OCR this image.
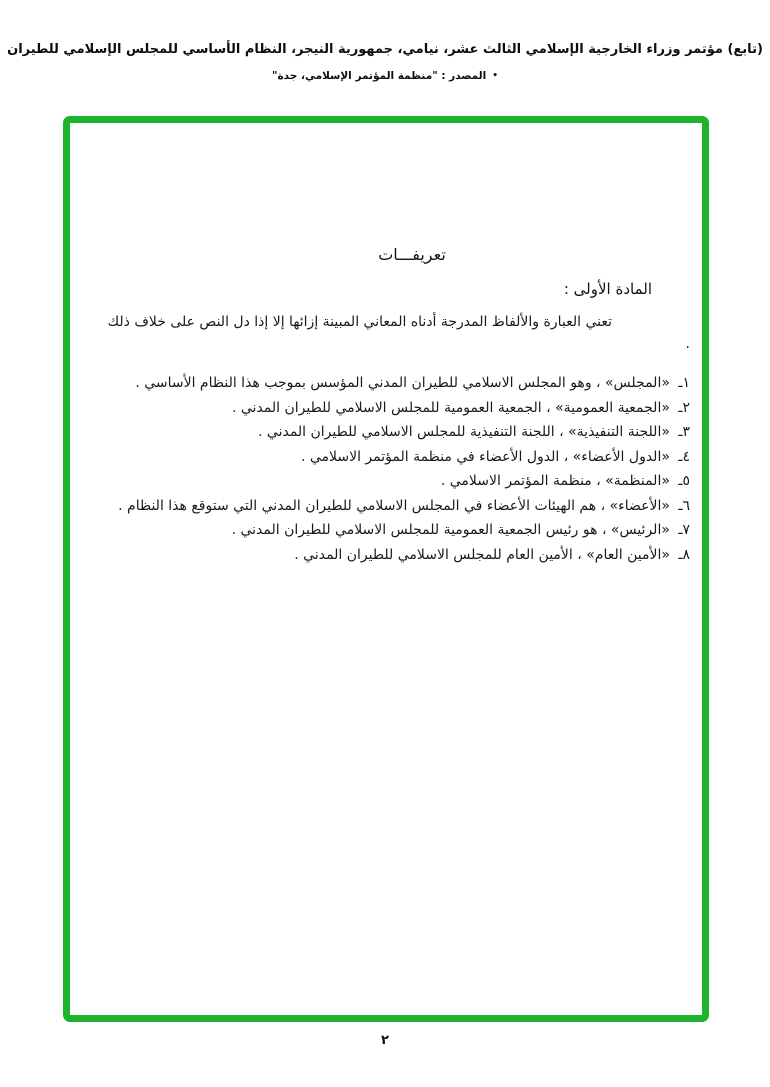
(تابع) مؤتمر وزراء الخارجية الإسلامي الثالث عشر، نيامي، جمهورية النيجر، النظام الأساسي للمجلس الإسلامي للطيران
•المصدر : "منظمة المؤتمر الإسلامي، جدة"
تعريفـــات
المادة الأولى :
تعني العبارة والألفاظ المدرجة أدناه المعاني المبينة إزائها إلا إذا دل النص على خلاف ذلك .
١ـ «المجلس» ، وهو المجلس الاسلامي للطيران المدني المؤسس بموجب هذا النظام الأساسي .
٢ـ «الجمعية العمومية» ، الجمعية العمومية للمجلس الاسلامي للطيران المدني .
٣ـ «اللجنة التنفيذية» ، اللجنة التنفيذية للمجلس الاسلامي للطيران المدني .
٤ـ «الدول الأعضاء» ، الدول الأعضاء في منظمة المؤتمر الاسلامي .
٥ـ «المنظمة» ، منظمة المؤتمر الاسلامي .
٦ـ «الأعضاء» ، هم الهيئات الأعضاء في المجلس الاسلامي للطيران المدني التي ستوقع هذا النظام .
٧ـ «الرئيس» ، هو رئيس الجمعية العمومية للمجلس الاسلامي للطيران المدني .
٨ـ «الأمين العام» ، الأمين العام للمجلس الاسلامي للطيران المدني .
٢
